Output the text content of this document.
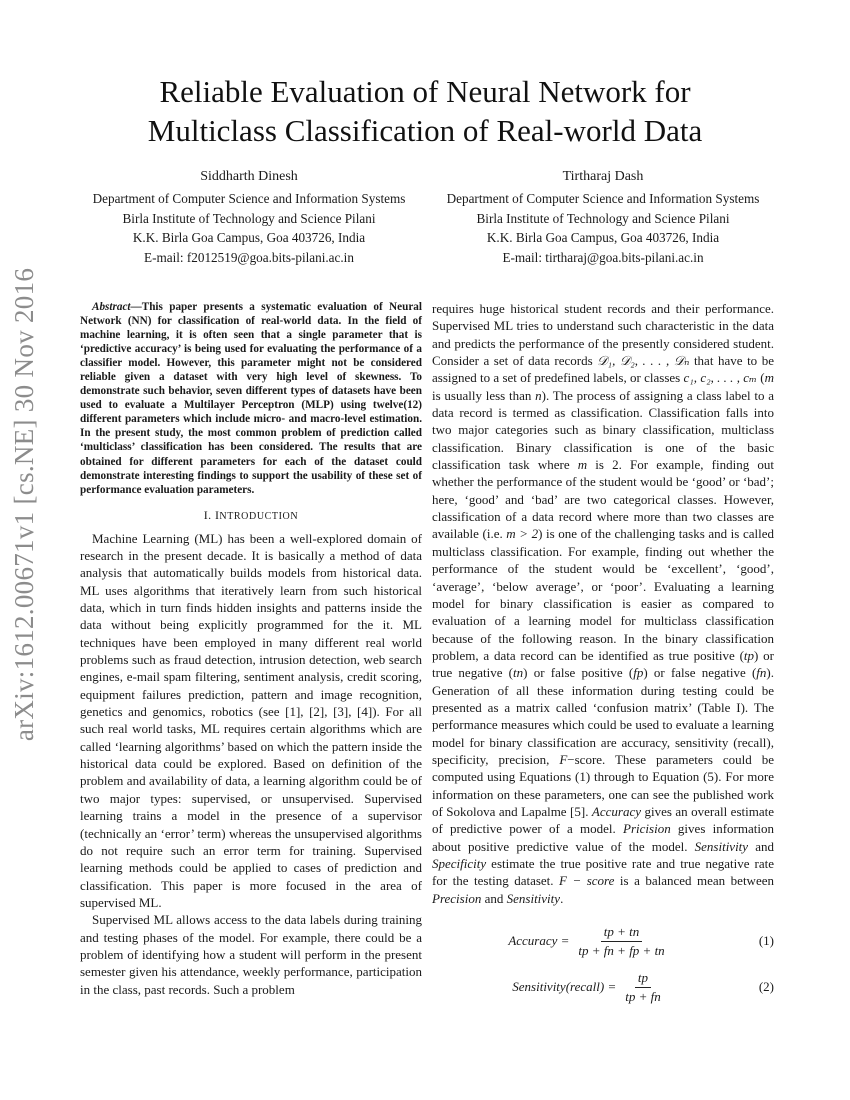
arXiv:1612.00671v1 [cs.NE] 30 Nov 2016
Reliable Evaluation of Neural Network for
Multiclass Classification of Real-world Data
Siddharth Dinesh
Department of Computer Science and Information Systems
Birla Institute of Technology and Science Pilani
K.K. Birla Goa Campus, Goa 403726, India
E-mail: f2012519@goa.bits-pilani.ac.in
Tirtharaj Dash
Department of Computer Science and Information Systems
Birla Institute of Technology and Science Pilani
K.K. Birla Goa Campus, Goa 403726, India
E-mail: tirtharaj@goa.bits-pilani.ac.in

Abstract—This paper presents a systematic evaluation of Neural Network (NN) for classification of real-world data. In the field of machine learning, it is often seen that a single parameter that is ‘predictive accuracy’ is being used for evaluating the performance of a classifier model. However, this parameter might not be considered reliable given a dataset with very high level of skewness. To demonstrate such behavior, seven different types of datasets have been used to evaluate a Multilayer Perceptron (MLP) using twelve(12) different parameters which include micro- and macro-level estimation. In the present study, the most common problem of prediction called ‘multiclass’ classification has been considered. The results that are obtained for different parameters for each of the dataset could demonstrate interesting findings to support the usability of these set of performance evaluation parameters.

I. INTRODUCTION

Machine Learning (ML) has been a well-explored domain of research in the present decade. It is basically a method of data analysis that automatically builds models from historical data. ML uses algorithms that iteratively learn from such historical data, which in turn finds hidden insights and patterns inside the data without being explicitly programmed for the it. ML techniques have been employed in many different real world problems such as fraud detection, intrusion detection, web search engines, e-mail spam filtering, sentiment analysis, credit scoring, equipment failures prediction, pattern and image recognition, genetics and genomics, robotics (see [1], [2], [3], [4]). For all such real world tasks, ML requires certain algorithms which are called ‘learning algorithms’ based on which the pattern inside the historical data could be explored. Based on definition of the problem and availability of data, a learning algorithm could be of two major types: supervised, or unsupervised. Supervised learning trains a model in the presence of a supervisor (technically an ‘error’ term) whereas the unsupervised algorithms do not require such an error term for training. Supervised learning methods could be applied to cases of prediction and classification. This paper is more focused in the area of supervised ML.

Supervised ML allows access to the data labels during training and testing phases of the model. For example, there could be a problem of identifying how a student will perform in the present semester given his attendance, weekly performance, participation in the class, past records. Such a problem

requires huge historical student records and their performance. Supervised ML tries to understand such characteristic in the data and predicts the performance of the presently considered student. Consider a set of data records 𝒟₁, 𝒟₂, . . . , 𝒟ₙ that have to be assigned to a set of predefined labels, or classes c₁, c₂, . . . , cₘ (m is usually less than n). The process of assigning a class label to a data record is termed as classification. Classification falls into two major categories such as binary classification, multiclass classification. Binary classification is one of the basic classification task where m is 2. For example, finding out whether the performance of the student would be ‘good’ or ‘bad’; here, ‘good’ and ‘bad’ are two categorical classes. However, classification of a data record where more than two classes are available (i.e. m > 2) is one of the challenging tasks and is called multiclass classification. For example, finding out whether the performance of the student would be ‘excellent’, ‘good’, ‘average’, ‘below average’, or ‘poor’. Evaluating a learning model for binary classification is easier as compared to evaluation of a learning model for multiclass classification because of the following reason. In the binary classification problem, a data record can be identified as true positive (tp) or true negative (tn) or false positive (fp) or false negative (fn). Generation of all these information during testing could be presented as a matrix called ‘confusion matrix’ (Table I). The performance measures which could be used to evaluate a learning model for binary classification are accuracy, sensitivity (recall), specificity, precision, F−score. These parameters could be computed using Equations (1) through to Equation (5). For more information on these parameters, one can see the published work of Sokolova and Lapalme [5]. Accuracy gives an overall estimate of predictive power of a model. Pricision gives information about positive predictive value of the model. Sensitivity and Specificity estimate the true positive rate and true negative rate for the testing dataset. F − score is a balanced mean between Precision and Sensitivity.

Accuracy = $\frac{tp + tn}{tp + fn + fp + tn}$	(1)
Sensitivity(recall) = $\frac{tp}{tp + fn}$	(2)
